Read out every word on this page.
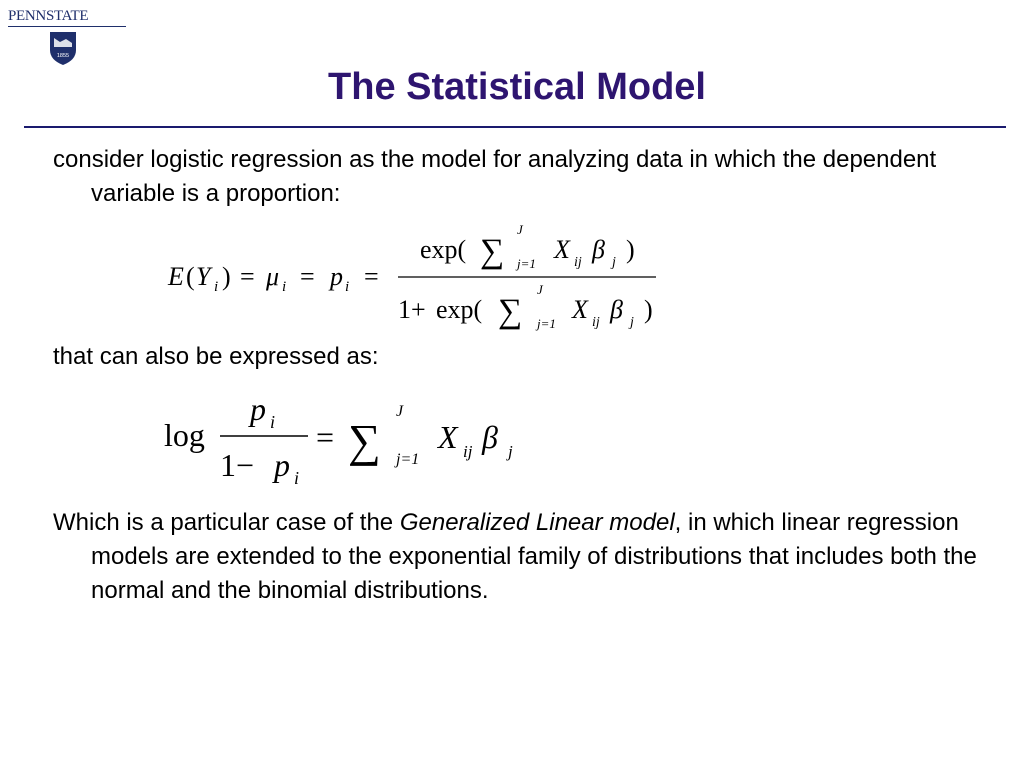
PENNSTATE
1855
The Statistical Model
consider logistic regression as the model for analyzing data in which the dependent variable is a proportion:
E ( Y i ) = μ i = p i =
exp( ∑
J
j=1 X ij β j )
1+ exp( ∑
J
j=1 X ij β j )
that can also be expressed as:
log
p i
1− p i
= ∑
J
j=1
X ij β j
Which is a particular case of the Generalized Linear model, in which linear regression models are extended to the exponential family of distributions that includes both the normal and the binomial distributions.
